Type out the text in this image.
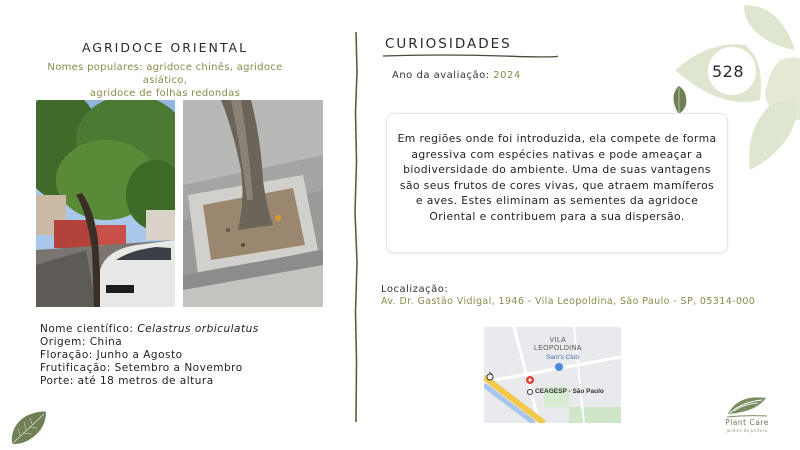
AGRIDOCE ORIENTAL
Nomes populares: agridoce chinês, agridoce asiático,
agridoce de folhas redondas
Nome científico: Celastrus orbiculatus
Origem: China
Floração: Junho a Agosto
Frutificação: Setembro a Novembro
Porte: até 18 metros de altura
CURIOSIDADES
Ano da avaliação: 2024
Em regiões onde foi introduzida, ela compete de forma agressiva com espécies nativas e pode ameaçar a biodiversidade do ambiente. Uma de suas vantagens são seus frutos de cores vivas, que atraem mamíferos e aves. Estes eliminam as sementes da agridoce Oriental e contribuem para a sua dispersão.
Localização:
Av. Dr. Gastão Vidigal, 1946 - Vila Leopoldina, São Paulo - SP, 05314-000
VILA
LEOPOLDINA
Sam's Club
CEAGESP - São Paulo
528
Plant Care
jardins de pintura
